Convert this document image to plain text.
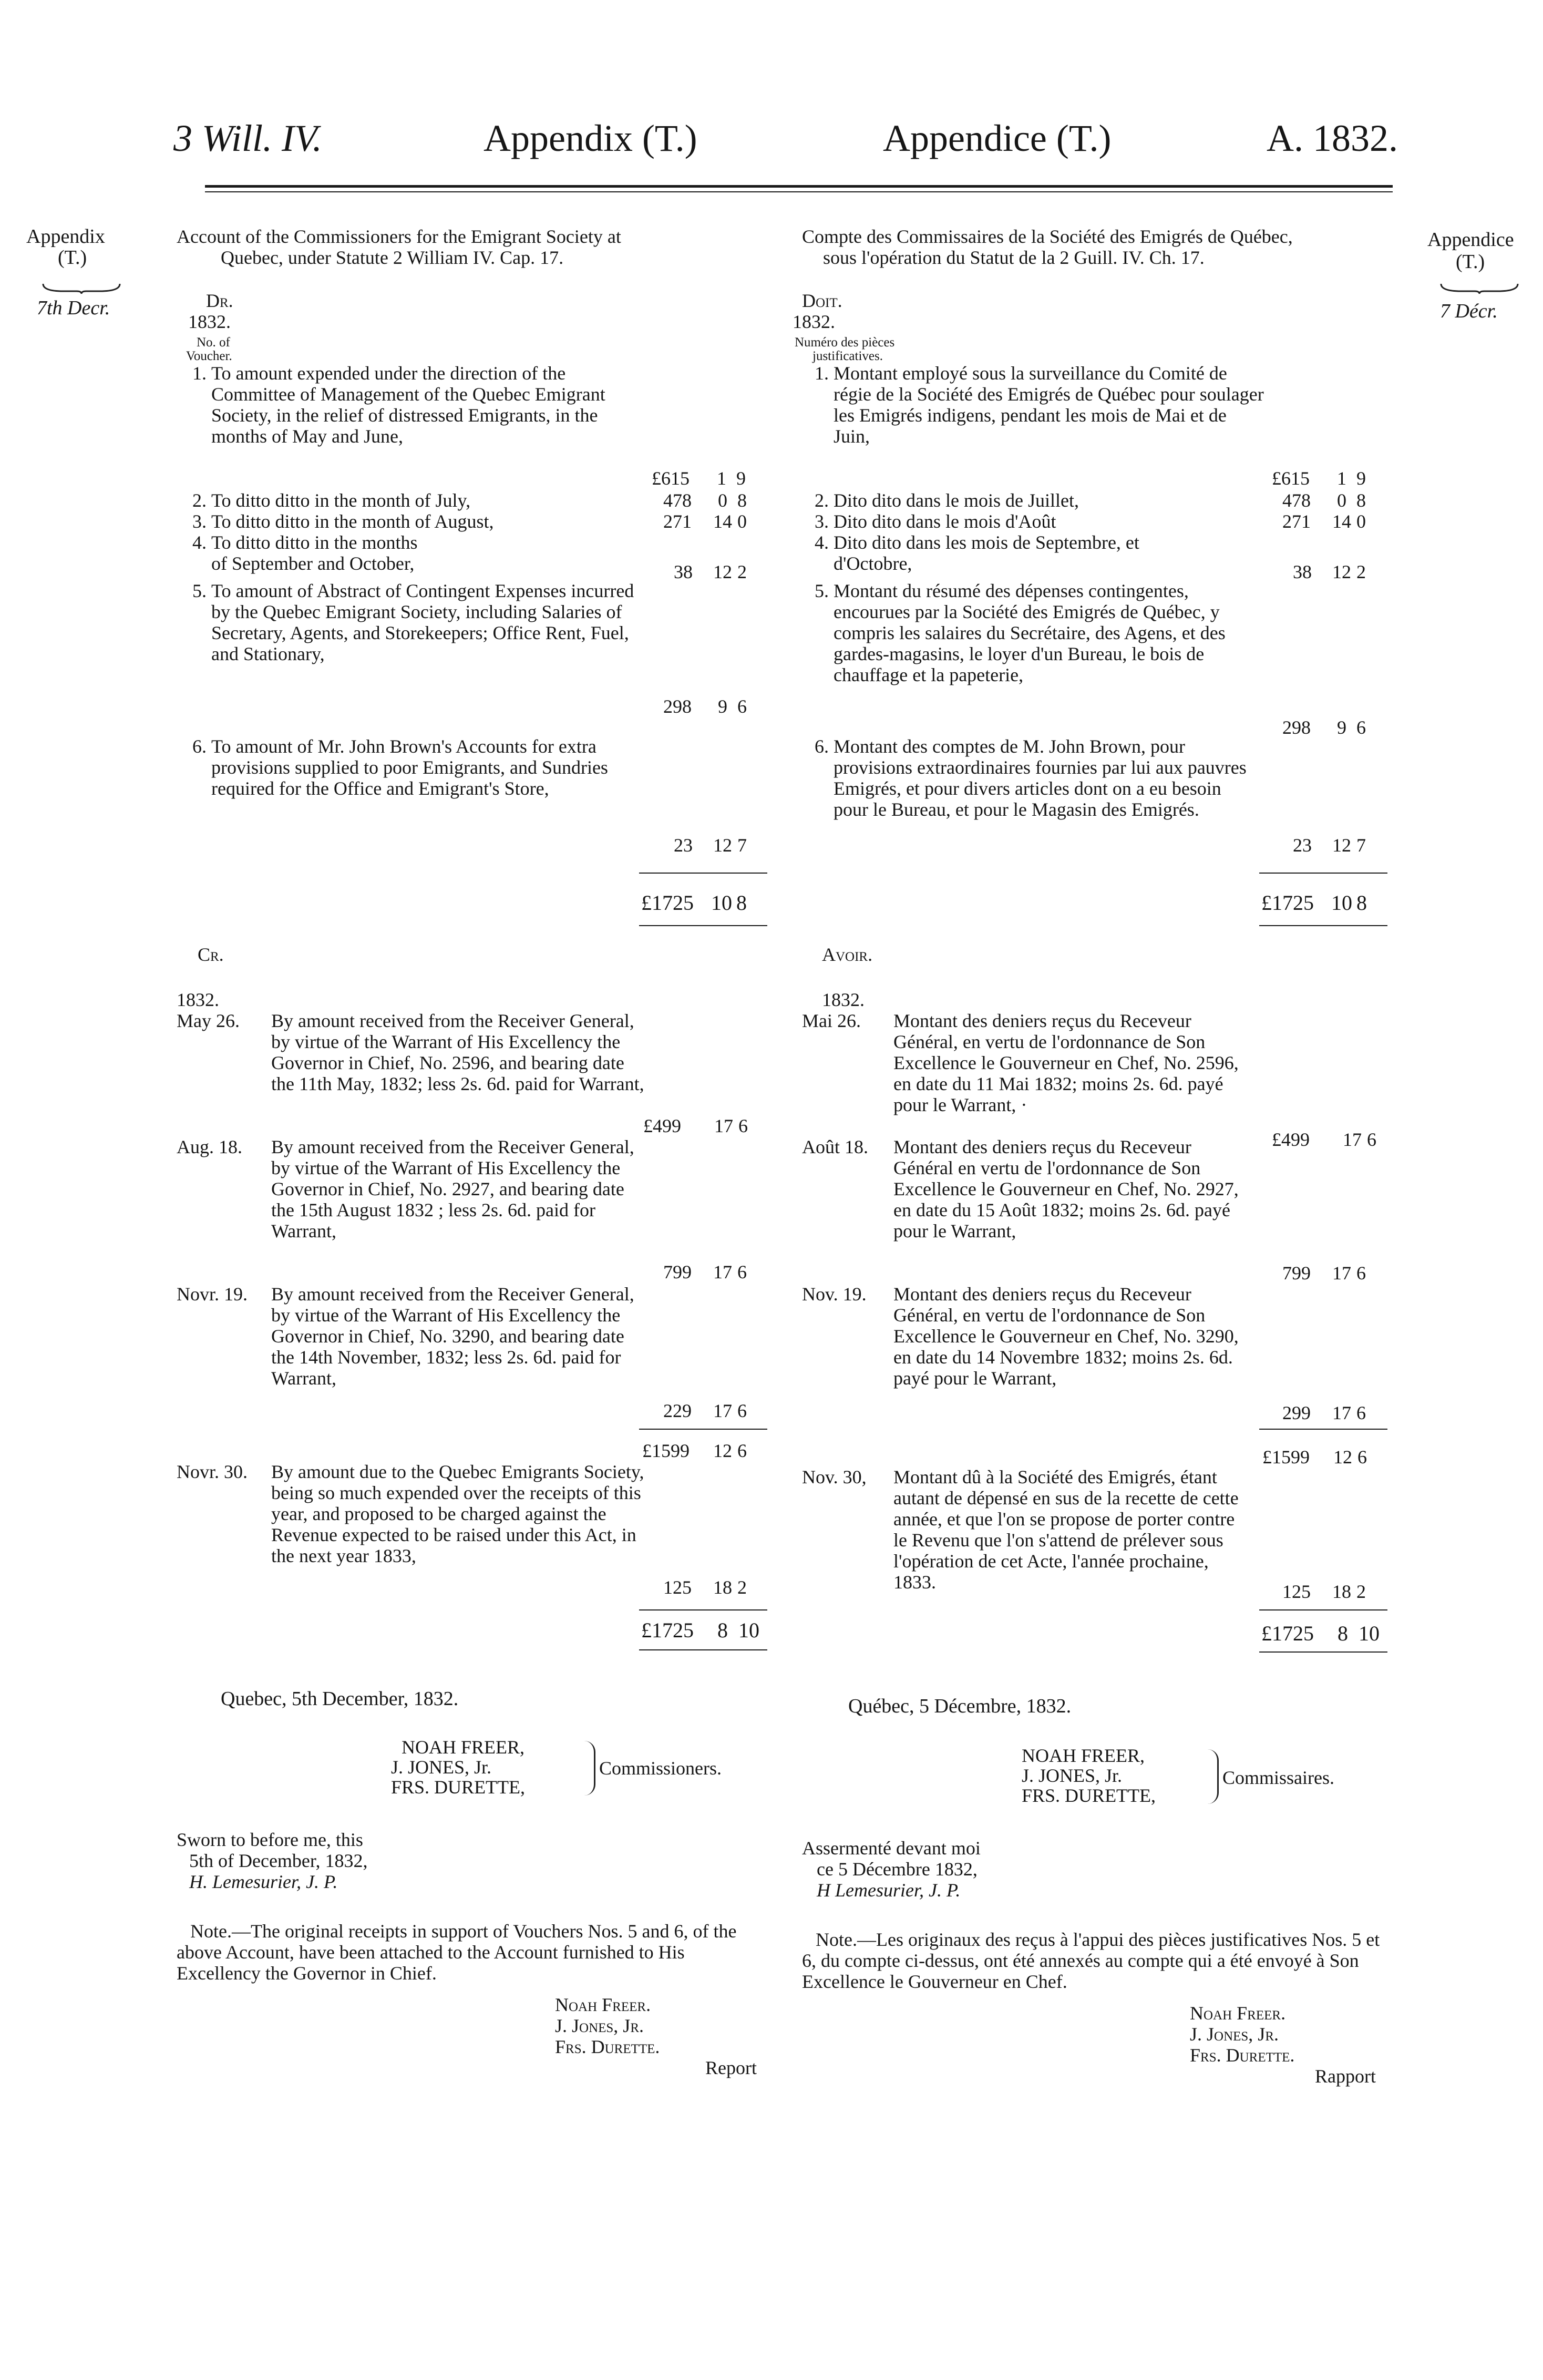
3 Will. IV.	Appendix (T.)	Appendice (T.)	A. 1832.
Appendix
(T.)
7th Decr.
Appendice
(T.)
7 Décr.
Account of the Commissioners for the Emigrant Society at
Quebec, under Statute 2 William IV. Cap. 17.
Dr.
1832.
No. of
Voucher.
1. To amount expended under the direction of the Committee of Management of the Quebec Emigrant Society, in the relief of distressed Emigrants, in the months of May and June,
£615 1 9
2. To ditto ditto in the month of July,	478 0 8
3. To ditto ditto in the month of August,	271 14 0
4. To ditto ditto in the months of September and October,	38 12 2
5. To amount of Abstract of Contingent Expenses incurred by the Quebec Emigrant Society, including Salaries of Secretary, Agents, and Storekeepers; Office Rent, Fuel, and Stationary,
298 9 6
6. To amount of Mr. John Brown's Accounts for extra provisions supplied to poor Emigrants, and Sundries required for the Office and Emigrant's Store,
23 12 7
£1725 10 8
Cr.
1832.
May 26. By amount received from the Receiver General, by virtue of the Warrant of His Excellency the Governor in Chief, No. 2596, and bearing date the 11th May, 1832; less 2s. 6d. paid for Warrant,
£499 17 6
Aug. 18. By amount received from the Receiver General, by virtue of the Warrant of His Excellency the Governor in Chief, No. 2927, and bearing date the 15th August 1832 ; less 2s. 6d. paid for Warrant,
799 17 6
Novr. 19. By amount received from the Receiver General, by virtue of the Warrant of His Excellency the Governor in Chief, No. 3290, and bearing date the 14th November, 1832; less 2s. 6d. paid for Warrant,
229 17 6
£1599 12 6
Novr. 30. By amount due to the Quebec Emigrants Society, being so much expended over the receipts of this year, and proposed to be charged against the Revenue expected to be raised under this Act, in the next year 1833,
125 18 2
£1725 8 10
Quebec, 5th December, 1832.
NOAH FREER,
J. JONES, Jr.
FRS. DURETTE,
Commissioners.
Sworn to before me, this
5th of December, 1832,
H. Lemesurier, J. P.
Note.—The original receipts in support of Vouchers Nos. 5 and 6, of the above Account, have been attached to the Account furnished to His Excellency the Governor in Chief.
Noah Freer.
J. Jones, Jr.
Frs. Durette.
Report
Compte des Commissaires de la Société des Emigrés de Québec,
sous l'opération du Statut de la 2 Guill. IV. Ch. 17.
Doit.
1832.
Numéro des pièces
justificatives.
1. Montant employé sous la surveillance du Comité de régie de la Société des Emigrés de Québec pour soulager les Emigrés indigens, pendant les mois de Mai et de Juin,
£615 1 9
2. Dito dito dans le mois de Juillet,	478 0 8
3. Dito dito dans le mois d'Août	271 14 0
4. Dito dito dans les mois de Septembre, et d'Octobre,	38 12 2
5. Montant du résumé des dépenses contingentes, encourues par la Société des Emigrés de Québec, y compris les salaires du Secrétaire, des Agens, et des gardes-magasins, le loyer d'un Bureau, le bois de chauffage et la papeterie,
298 9 6
6. Montant des comptes de M. John Brown, pour provisions extraordinaires fournies par lui aux pauvres Emigrés, et pour divers articles dont on a eu besoin pour le Bureau, et pour le Magasin des Emigrés.
23 12 7
£1725 10 8
Avoir.
1832.
Mai 26. Montant des deniers reçus du Receveur Général, en vertu de l'ordonnance de Son Excellence le Gouverneur en Chef, No. 2596, en date du 11 Mai 1832; moins 2s. 6d. payé pour le Warrant, ·
£499 17 6
Août 18. Montant des deniers reçus du Receveur Général en vertu de l'ordonnance de Son Excellence le Gouverneur en Chef, No. 2927, en date du 15 Août 1832; moins 2s. 6d. payé pour le Warrant,
799 17 6
Nov. 19. Montant des deniers reçus du Receveur Général, en vertu de l'ordonnance de Son Excellence le Gouverneur en Chef, No. 3290, en date du 14 Novembre 1832; moins 2s. 6d. payé pour le Warrant,
299 17 6
£1599 12 6
Nov. 30, Montant dû à la Société des Emigrés, étant autant de dépensé en sus de la recette de cette année, et que l'on se propose de porter contre le Revenu que l'on s'attend de prélever sous l'opération de cet Acte, l'année prochaine, 1833.	125 18 2
£1725 8 10
Québec, 5 Décembre, 1832.
NOAH FREER,
J. JONES, Jr.
FRS. DURETTE,
Commissaires.
Assermenté devant moi
ce 5 Décembre 1832,
H Lemesurier, J. P.
Note.—Les originaux des reçus à l'appui des pièces justificatives Nos. 5 et 6, du compte ci-dessus, ont été annexés au compte qui a été envoyé à Son Excellence le Gouverneur en Chef.
Noah Freer.
J. Jones, Jr.
Frs. Durette.
Rapport
